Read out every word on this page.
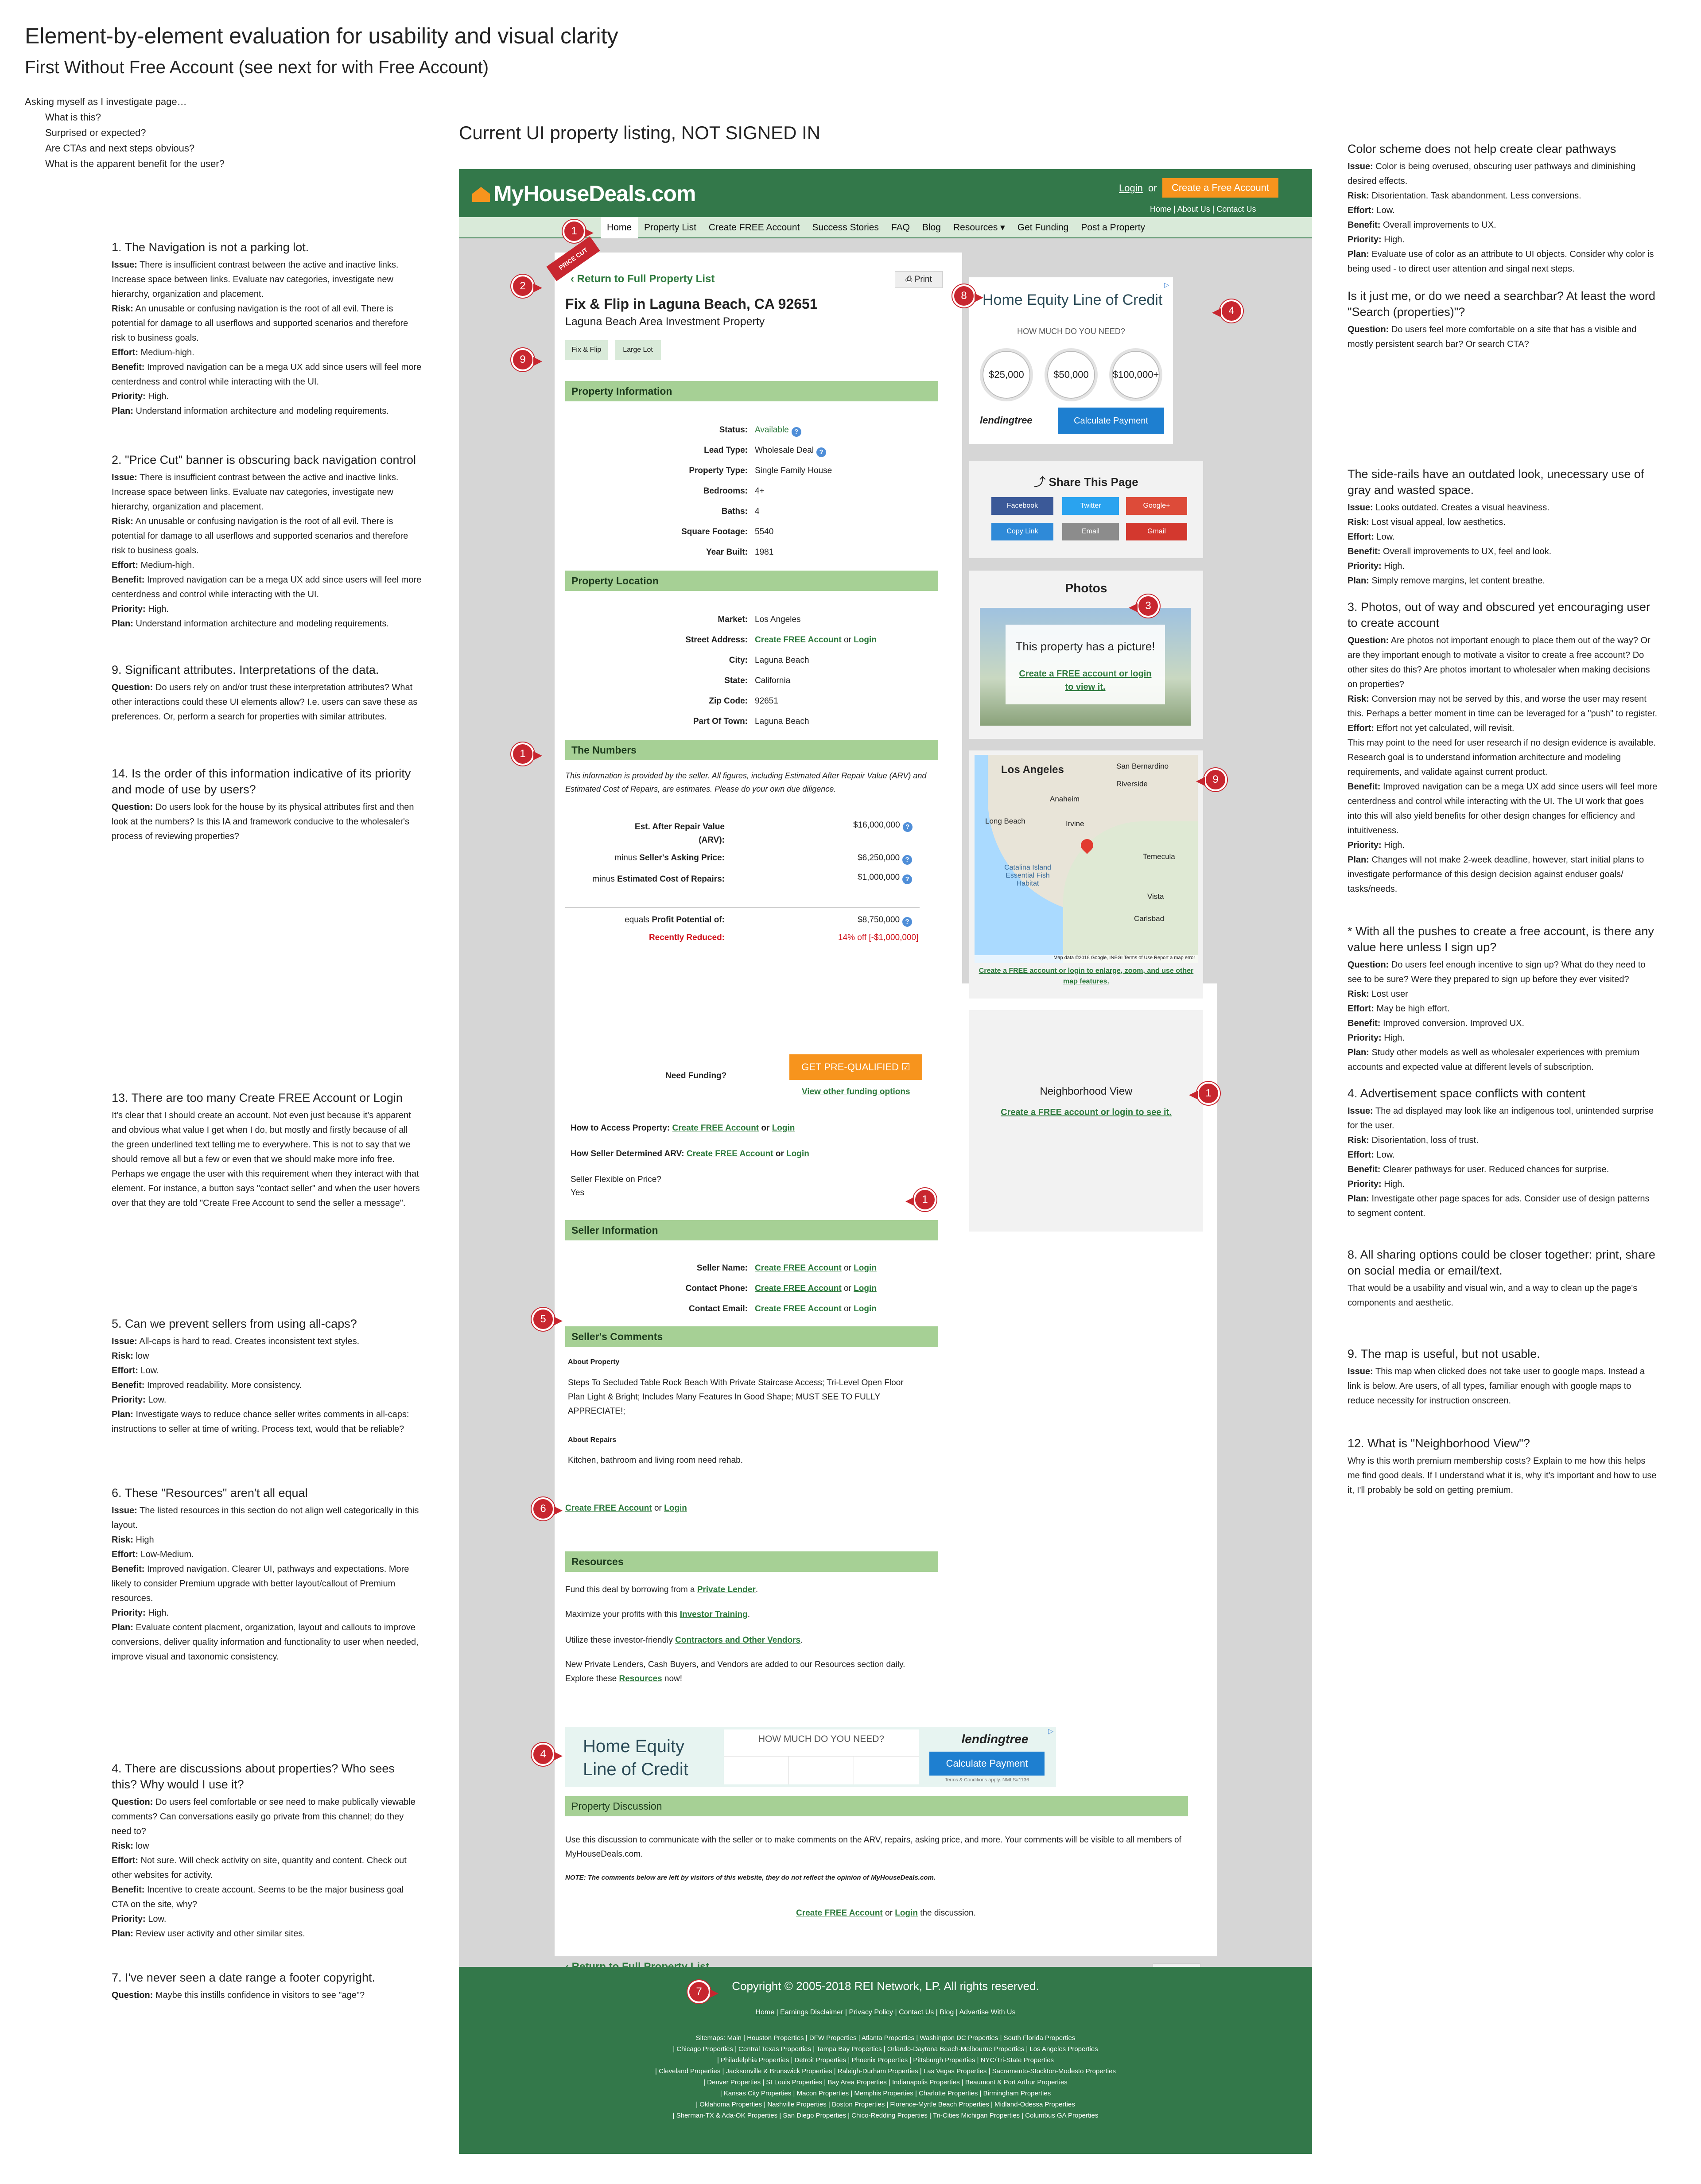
Element-by-element evaluation for usability and visual clarity
First Without Free Account (see next for with Free Account)
Asking myself as I investigate page…
What is this?
Surprised or expected?
Are CTAs and next steps obvious?
What is the apparent benefit for the user?
Current UI property listing, NOT SIGNED IN
1. The Navigation is not a parking lot.

Issue: There is insufficient contrast between the active and inactive links. Increase space between links. Evaluate nav categories, investigate new hierarchy, organization and placement.

Risk: An unusable or confusing navigation is the root of all evil. There is potential for damage to all userflows and supported scenarios and therefore risk to business goals.

Effort: Medium-high.

Benefit: Improved navigation can be a mega UX add since users will feel more centerdness and control while interacting with the UI.

Priority: High.

Plan: Understand information architecture and modeling requirements.

2. "Price Cut" banner is obscuring back navigation control

Issue: There is insufficient contrast between the active and inactive links. Increase space between links. Evaluate nav categories, investigate new hierarchy, organization and placement.

Risk: An unusable or confusing navigation is the root of all evil. There is potential for damage to all userflows and supported scenarios and therefore risk to business goals.

Effort: Medium-high.

Benefit: Improved navigation can be a mega UX add since users will feel more centerdness and control while interacting with the UI.

Priority: High.

Plan: Understand information architecture and modeling requirements.

9. Significant attributes. Interpretations of the data.

Question: Do users rely on and/or trust these interpretation attributes? What other interactions could these UI elements allow? I.e. users can save these as preferences. Or, perform a search for properties with similar attributes.

14. Is the order of this information indicative of its priority and mode of use by users?

Question: Do users look for the house by its physical attributes first and then look at the numbers? Is this IA and framework conducive to the wholesaler's process of reviewing properties?

13. There are too many Create FREE Account or Login

It's clear that I should create an account. Not even just because it's apparent and obvious what value I get when I do, but mostly and firstly because of all the green underlined text telling me to everywhere. This is not to say that we should remove all but a few or even that we should make more info free. Perhaps we engage the user with this requirement when they interact with that element. For instance, a button says "contact seller" and when the user hovers over that they are told "Create Free Account to send the seller a message".

5. Can we prevent sellers from using all-caps?

Issue: All-caps is hard to read. Creates inconsistent text styles.

Risk: low

Effort: Low.

Benefit: Improved readability. More consistency.

Priority: Low.

Plan: Investigate ways to reduce chance seller writes comments in all-caps: instructions to seller at time of writing. Process text, would that be reliable?

6. These "Resources" aren't all equal

Issue: The listed resources in this section do not align well categorically in this layout.

Risk: High

Effort: Low-Medium.

Benefit: Improved navigation. Clearer UI, pathways and expectations. More likely to consider Premium upgrade with better layout/callout of Premium resources.

Priority: High.

Plan: Evaluate content placment, organization, layout and callouts to improve conversions, deliver quality information and functionality to user when needed, improve visual and taxonomic consistency.

4. There are discussions about properties? Who sees this? Why would I use it?

Question: Do users feel comfortable or see need to make publically viewable comments? Can conversations easily go private from this channel; do they need to?

Risk: low

Effort: Not sure. Will check activity on site, quantity and content. Check out other websites for activity.

Benefit: Incentive to create account. Seems to be the major business goal CTA on the site, why?

Priority: Low.

Plan: Review user activity and other similar sites.

7. I've never seen a date range a footer copyright.

Question: Maybe this instills confidence in visitors to see "age"?

Color scheme does not help create clear pathways

Issue: Color is being overused, obscuring user pathways and diminishing desired effects.

Risk: Disorientation. Task abandonment. Less conversions.

Effort: Low.

Benefit: Overall improvements to UX.

Priority: High.

Plan: Evaluate use of color as an attribute to UI objects. Consider why color is being used - to direct user attention and singal next steps.

Is it just me, or do we need a searchbar? At least the word "Search (properties)"?

Question: Do users feel more comfortable on a site that has a visible and mostly persistent search bar? Or search CTA?

The side-rails have an outdated look, unecessary use of gray and wasted space.

Issue: Looks outdated. Creates a visual heaviness.

Risk: Lost visual appeal, low aesthetics.

Effort: Low.

Benefit: Overall improvements to UX, feel and look.

Priority: High.

Plan: Simply remove margins, let content breathe.

3. Photos, out of way and obscured yet encouraging user to create account

Question: Are photos not important enough to place them out of the way? Or are they important enough to motivate a visitor to create a free account? Do other sites do this? Are photos imortant to wholesaler when making decisions on properties?

Risk: Conversion may not be served by this, and worse the user may resent this. Perhaps a better moment in time can be leveraged for a "push" to register.

Effort: Effort not yet calculated, will revisit.

This may point to the need for user research if no design evidence is available. Research goal is to understand information architecture and modeling requirements, and validate against current product.

Benefit: Improved navigation can be a mega UX add since users will feel more centerdness and control while interacting with the UI. The UI work that goes into this will also yield benefits for other design changes for efficiency and intuitiveness.

Priority: High.

Plan: Changes will not make 2-week deadline, however, start initial plans to investigate performance of this design decision against enduser goals/ tasks/needs.

* With all the pushes to create a free account, is there any value here unless I sign up?

Question: Do users feel enough incentive to sign up? What do they need to see to be sure? Were they prepared to sign up before they ever visited?

Risk: Lost user

Effort: May be high effort.

Benefit: Improved conversion. Improved UX.

Priority: High.

Plan: Study other models as well as wholesaler experiences with premium accounts and expected value at different levels of subscription.

4. Advertisement space conflicts with content

Issue: The ad displayed may look like an indigenous tool, unintended surprise for the user.

Risk: Disorientation, loss of trust.

Effort: Low.

Benefit: Clearer pathways for user. Reduced chances for surprise.

Priority: High.

Plan: Investigate other page spaces for ads. Consider use of design patterns to segment content.

8. All sharing options could be closer together: print, share on social media or email/text.

That would be a usability and visual win, and a way to clean up the page's components and aesthetic.

9. The map is useful, but not usable.

Issue: This map when clicked does not take user to google maps. Instead a link is below. Are users, of all types, familiar enough with google maps to reduce necessity for instruction onscreen.

12. What is "Neighborhood View"?

Why is this worth premium membership costs? Explain to me how this helps me find good deals. If I understand what it is, why it's important and how to use it, I'll probably be sold on getting premium.

MyHouseDeals.com	Login or	Create a Free Account
Home | About Us | Contact Us
Home	Property List	Create FREE Account	Success Stories	FAQ	Blog	Resources ▾	Get Funding	Post a Property
PRICE CUT
‹ Return to Full Property List	⎙ Print
Fix & Flip in Laguna Beach, CA 92651
Laguna Beach Area Investment Property
Fix & Flip	Large Lot
Property Information
Status: Available ?
Lead Type: Wholesale Deal ?
Property Type: Single Family House
Bedrooms: 4+
Baths: 4
Square Footage: 5540
Year Built: 1981
Property Location
Market: Los Angeles
Street Address: Create FREE Account or Login
City: Laguna Beach
State: California
Zip Code: 92651
Part Of Town: Laguna Beach
The Numbers
This information is provided by the seller. All figures, including Estimated After Repair Value (ARV) and Estimated Cost of Repairs, are estimates. Please do your own due diligence.
Est. After Repair Value (ARV):
$16,000,000 ?
minus Seller's Asking Price:	$6,250,000 ?
minus Estimated Cost of Repairs:	$1,000,000 ?
equals Profit Potential of:	$8,750,000 ?
Recently Reduced:	14% off [-$1,000,000]
Need Funding?
GET PRE-QUALIFIED ☑
View other funding options
How to Access Property: Create FREE Account or Login
How Seller Determined ARV: Create FREE Account or Login
Seller Flexible on Price?
Yes
Seller Information
Seller Name: Create FREE Account or Login
Contact Phone: Create FREE Account or Login
Contact Email: Create FREE Account or Login
Seller's Comments
About Property
Steps To Secluded Table Rock Beach With Private Staircase Access; Tri-Level Open Floor Plan Light & Bright; Includes Many Features In Good Shape; MUST SEE TO FULLY APPRECIATE!;
About Repairs
Kitchen, bathroom and living room need rehab.
Create FREE Account or Login
Resources
Fund this deal by borrowing from a Private Lender.
Maximize your profits with this Investor Training.
Utilize these investor-friendly Contractors and Other Vendors.
New Private Lenders, Cash Buyers, and Vendors are added to our Resources section daily. Explore these Resources now!
Home Equity Line of Credit
HOW MUCH DO YOU NEED?	lendingtree
Calculate Payment
Terms & Conditions apply. NMLS#1136
▷
Property Discussion
Use this discussion to communicate with the seller or to make comments on the ARV, repairs, asking price, and more. Your comments will be visible to all members of MyHouseDeals.com.
NOTE: The comments below are left by visitors of this website, they do not reflect the opinion of MyHouseDeals.com.
Create FREE Account or Login the discussion.
Home Equity Line of Credit
HOW MUCH DO YOU NEED?
$25,000	$50,000	$100,000+
lendingtree	Calculate Payment
▷
⤴ Share This Page
Facebook	Twitter	Google+
Copy Link	Email	Gmail
Photos
This property has a picture!
Create a FREE account or login to view it.
Los Angeles	San Bernardino
Riverside
Anaheim
Long Beach	Irvine
Temecula
Catalina Island Essential Fish Habitat
Vista
Carlsbad
Map data ©2018 Google, INEGI Terms of Use Report a map error
Create a FREE account or login to enlarge, zoom, and use other map features.
Neighborhood View
Create a FREE account or login to see it.
Copyright © 2005-2018 REI Network, LP. All rights reserved.
Home | Earnings Disclaimer | Privacy Policy | Contact Us | Blog | Advertise With Us
Sitemaps: Main | Houston Properties | DFW Properties | Atlanta Properties | Washington DC Properties | South Florida Properties
| Chicago Properties | Central Texas Properties | Tampa Bay Properties | Orlando-Daytona Beach-Melbourne Properties | Los Angeles Properties
| Philadelphia Properties | Detroit Properties | Phoenix Properties | Pittsburgh Properties | NYC/Tri-State Properties
| Cleveland Properties | Jacksonville & Brunswick Properties | Raleigh-Durham Properties | Las Vegas Properties | Sacramento-Stockton-Modesto Properties
| Denver Properties | St Louis Properties | Bay Area Properties | Indianapolis Properties | Beaumont & Port Arthur Properties
| Kansas City Properties | Macon Properties | Memphis Properties | Charlotte Properties | Birmingham Properties
| Oklahoma Properties | Nashville Properties | Boston Properties | Florence-Myrtle Beach Properties | Midland-Odessa Properties
| Sherman-TX & Ada-OK Properties | San Diego Properties | Chico-Redding Properties | Tri-Cities Michigan Properties | Columbus GA Properties
1
2
9
8
4
3
1
9
1
1
5
6
4
7
